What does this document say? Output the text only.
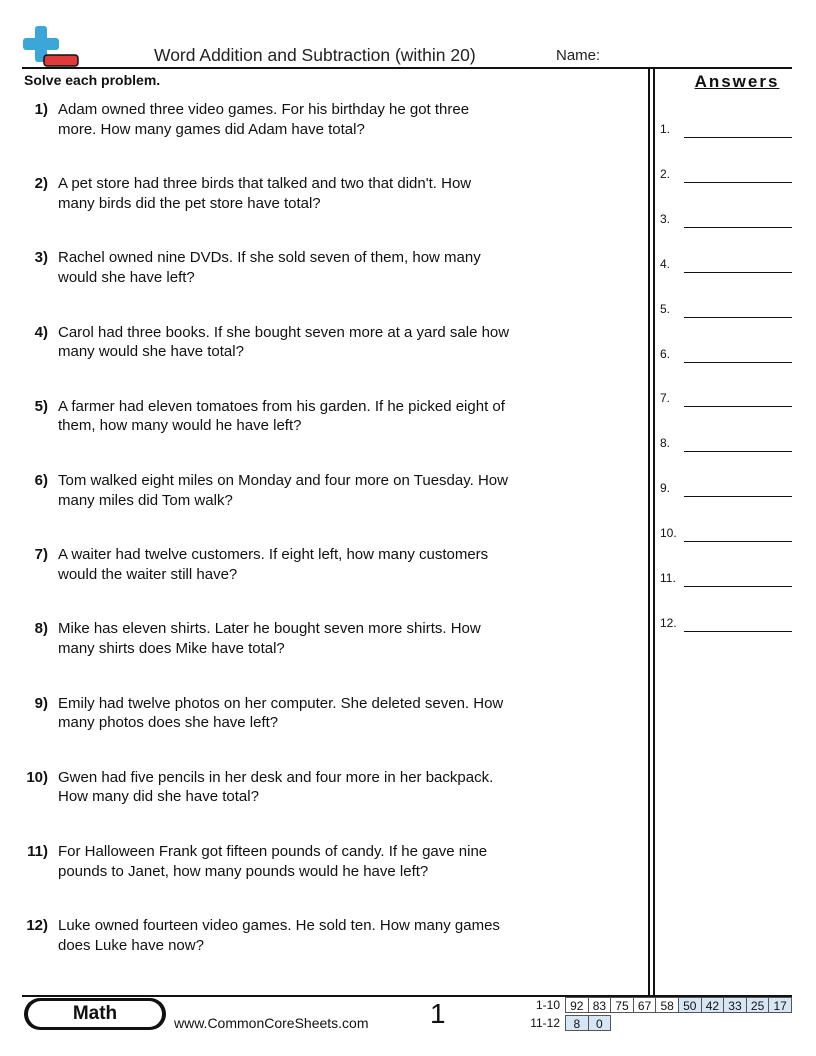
Word Addition and Subtraction (within 20)	Name:
Solve each problem.	Answers
1) Adam owned three video games. For his birthday he got three more. How many games did Adam have total?
2) A pet store had three birds that talked and two that didn't. How many birds did the pet store have total?
3) Rachel owned nine DVDs. If she sold seven of them, how many would she have left?
4) Carol had three books. If she bought seven more at a yard sale how many would she have total?
5) A farmer had eleven tomatoes from his garden. If he picked eight of them, how many would he have left?
6) Tom walked eight miles on Monday and four more on Tuesday. How many miles did Tom walk?
7) A waiter had twelve customers. If eight left, how many customers would the waiter still have?
8) Mike has eleven shirts. Later he bought seven more shirts. How many shirts does Mike have total?
9) Emily had twelve photos on her computer. She deleted seven. How many photos does she have left?
10) Gwen had five pencils in her desk and four more in her backpack. How many did she have total?
11) For Halloween Frank got fifteen pounds of candy. If he gave nine pounds to Janet, how many pounds would he have left?
12) Luke owned fourteen video games. He sold ten. How many games does Luke have now?
1.
2.
3.
4.
5.
6.
7.
8.
9.
10.
11.
12.
Math	www.CommonCoreSheets.com 1	1-10 92 83 75 67 58 50 42 33 25 17
11-12	8	0
